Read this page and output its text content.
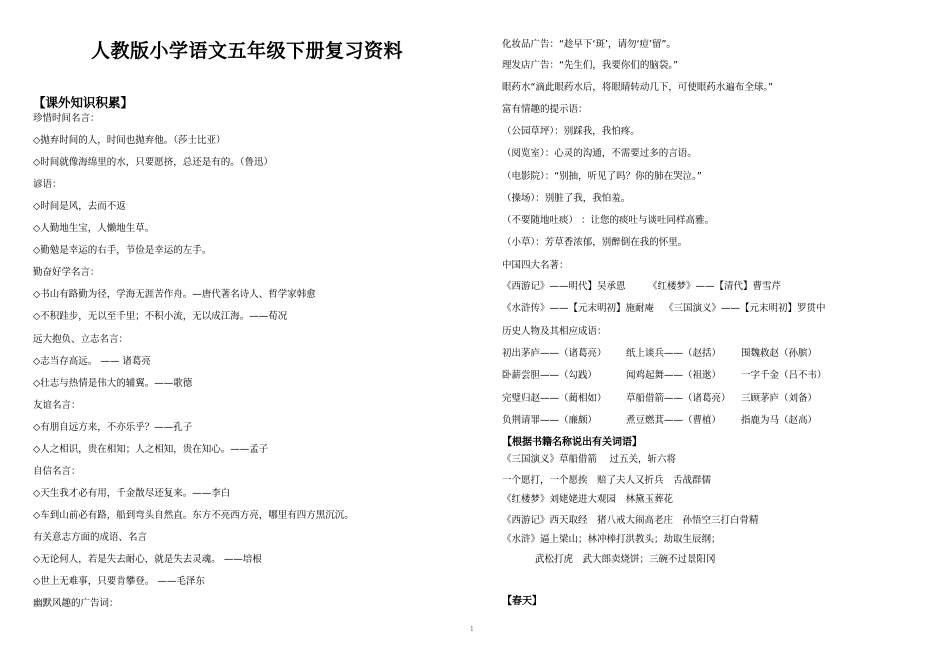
人教版小学语文五年级下册复习资料
【课外知识积累】
珍惜时间名言：
◇抛弃时间的人，时间也抛弃他。（莎士比亚）
◇时间就像海绵里的水，只要愿挤，总还是有的。（鲁迅）
谚语：
◇时间是风，去而不返
◇人勤地生宝，人懒地生草。
◇勤勉是幸运的右手，节俭是幸运的左手。
勤奋好学名言：
◇书山有路勤为径，学海无涯苦作舟。—唐代著名诗人、哲学家韩愈
◇不积跬步，无以至千里；不积小流，无以成江海。——荀况
远大抱负、立志名言：
◇志当存高远。 —— 诸葛亮
◇壮志与热情是伟大的辅翼。——歌德
友谊名言：
◇有朋自远方来，不亦乐乎？——孔子
◇人之相识，贵在相知；人之相知，贵在知心。——孟子
自信名言：
◇天生我才必有用，千金散尽还复来。——李白
◇车到山前必有路，船到弯头自然直。东方不亮西方亮，哪里有四方黑沉沉。
有关意志方面的成语、名言
◇无论何人，若是失去耐心，就是失去灵魂。 ——培根
◇世上无难事，只要肯攀登。 ——毛泽东
幽默风趣的广告词：
化妆品广告：“趁早下‘斑’，请勿‘痘’留”。
理发店广告：“先生们，我要你们的脑袋。”
眼药水“滴此眼药水后，将眼睛转动几下，可使眼药水遍布全球。”
富有情趣的提示语：
（公园草坪）：别踩我，我怕疼。
（阅览室）：心灵的沟通，不需要过多的言语。
（电影院）：“别抽，听见了吗？你的肺在哭泣。”
（操场）：别脏了我，我怕羞。
（不要随地吐痰） ：让您的痰吐与谈吐同样高雅。
（小草）：芳草香浓郁，别醉倒在我的怀里。
中国四大名著：
《西游记》——明代】吴承恩
《水浒传》——【元末明初】施耐庵
历史人物及其相应成语：
《红楼梦》——【清代】曹雪芹
《三国演义》——【元末明初】罗贯中
初出茅庐——（诸葛亮） 纸上谈兵——（赵括） 围魏救赵（孙膑）
卧薪尝胆——（勾践）	闻鸡起舞——（祖逖） 一字千金（吕不韦）
完璧归赵——（蔺相如） 草船借箭——（诸葛亮） 三顾茅庐（刘备）
负荆请罪——（廉颇）	煮豆燃萁——（曹植） 指鹿为马（赵高）
【根据书籍名称说出有关词语】
《三国演义》草船借箭　 过五关，斩六将
一个愿打，一个愿挨　赔了夫人又折兵　舌战群儒
《红楼梦》刘姥姥进大观园　林黛玉葬花
《西游记》西天取经　猪八戒大闹高老庄　孙悟空三打白骨精
《水浒》逼上梁山；林冲棒打洪教头；劫取生辰纲；
武松打虎　武大郎卖烧饼；三碗不过景阳冈
【春天】
1
